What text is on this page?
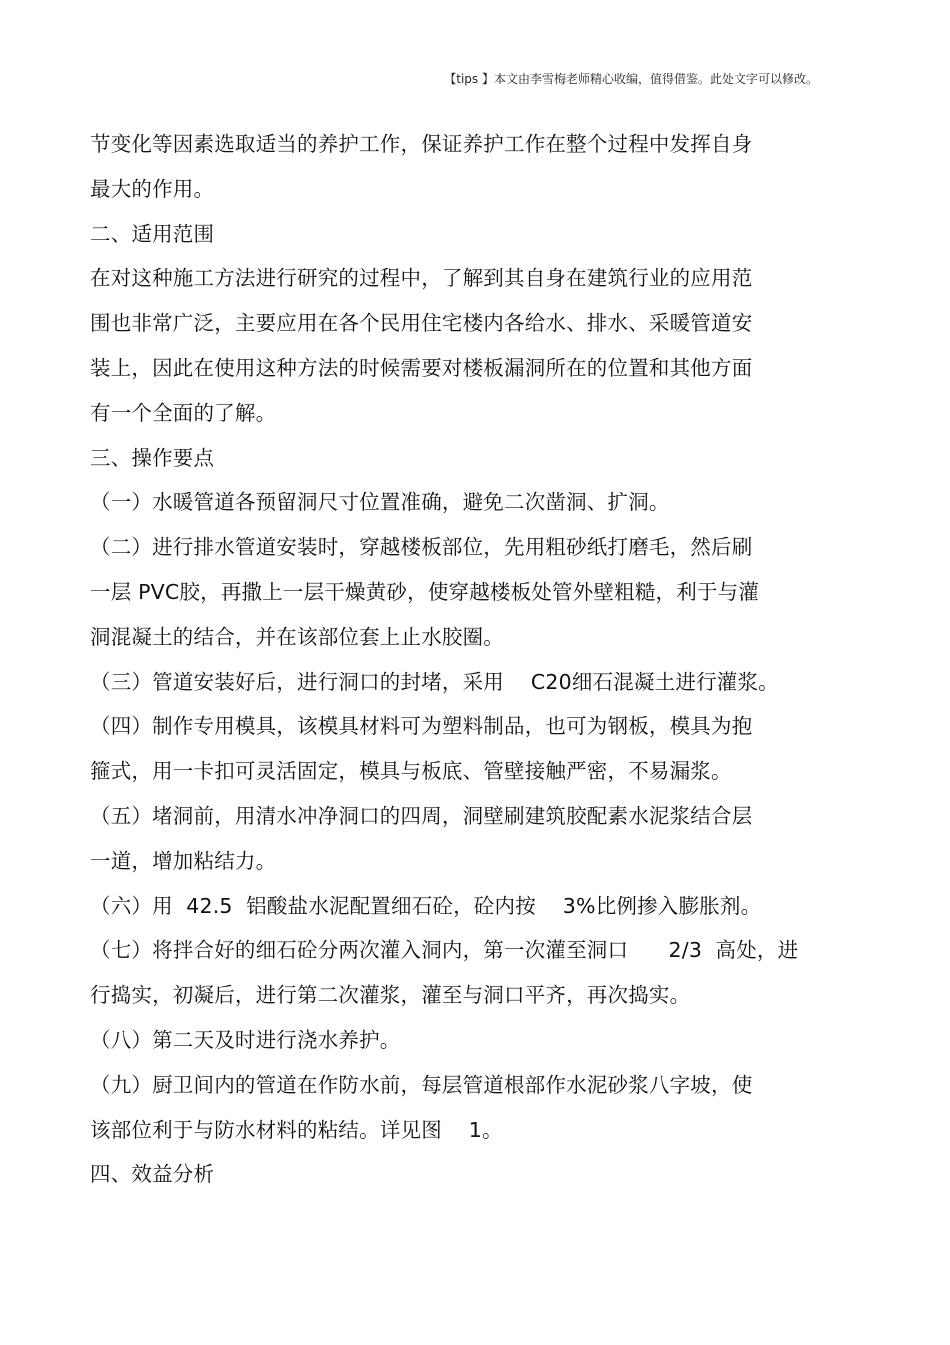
【tips 】本文由李雪梅老师精心收编，值得借鉴。此处文字可以修改。
节变化等因素选取适当的养护工作，保证养护工作在整个过程中发挥自身
最大的作用。
二、适用范围
在对这种施工方法进行研究的过程中，了解到其自身在建筑行业的应用范
围也非常广泛，主要应用在各个民用住宅楼内各给水、排水、采暖管道安
装上，因此在使用这种方法的时候需要对楼板漏洞所在的位置和其他方面
有一个全面的了解。
三、操作要点
（一）水暖管道各预留洞尺寸位置准确，避免二次凿洞、扩洞。
（二）进行排水管道安装时，穿越楼板部位，先用粗砂纸打磨毛，然后刷
一层 PVC胶，再撒上一层干燥黄砂，使穿越楼板处管外壁粗糙，利于与灌
洞混凝土的结合，并在该部位套上止水胶圈。
（三）管道安装好后，进行洞口的封堵，采用    C20细石混凝土进行灌浆。
（四）制作专用模具，该模具材料可为塑料制品，也可为钢板，模具为抱
箍式，用一卡扣可灵活固定，模具与板底、管壁接触严密，不易漏浆。
（五）堵洞前，用清水冲净洞口的四周，洞壁刷建筑胶配素水泥浆结合层
一道，增加粘结力。
（六）用  42.5  铝酸盐水泥配置细石砼，砼内按    3%比例掺入膨胀剂。
（七）将拌合好的细石砼分两次灌入洞内，第一次灌至洞口      2/3  高处，进
行捣实，初凝后，进行第二次灌浆，灌至与洞口平齐，再次捣实。
（八）第二天及时进行浇水养护。
（九）厨卫间内的管道在作防水前，每层管道根部作水泥砂浆八字坡，使
该部位利于与防水材料的粘结。详见图    1。
四、效益分析
